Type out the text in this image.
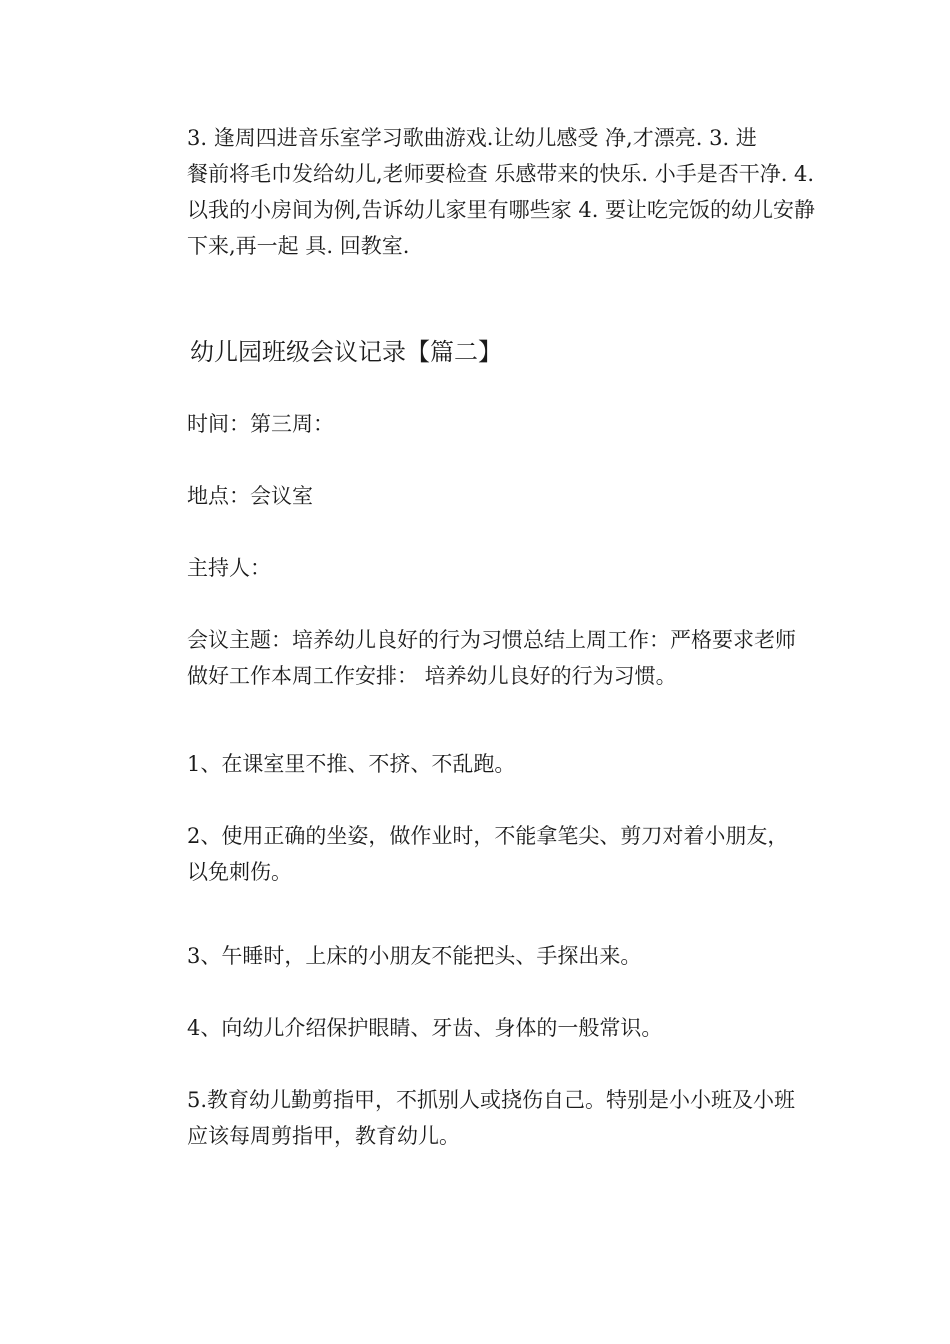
3. 逢周四进音乐室学习歌曲游戏.让幼儿感受 净,才漂亮. 3. 进
餐前将毛巾发给幼儿,老师要检查 乐感带来的快乐. 小手是否干净. 4.
以我的小房间为例,告诉幼儿家里有哪些家 4. 要让吃完饭的幼儿安静
下来,再一起 具. 回教室.

幼儿园班级会议记录【篇二】

时间：第三周：

地点：会议室

主持人：

会议主题：培养幼儿良好的行为习惯总结上周工作：严格要求老师
做好工作本周工作安排： 培养幼儿良好的行为习惯。

1、在课室里不推、不挤、不乱跑。

2、使用正确的坐姿，做作业时，不能拿笔尖、剪刀对着小朋友，
以免刺伤。

3、午睡时，上床的小朋友不能把头、手探出来。

4、向幼儿介绍保护眼睛、牙齿、身体的一般常识。

5.教育幼儿勤剪指甲，不抓别人或挠伤自己。特别是小小班及小班
应该每周剪指甲，教育幼儿。
